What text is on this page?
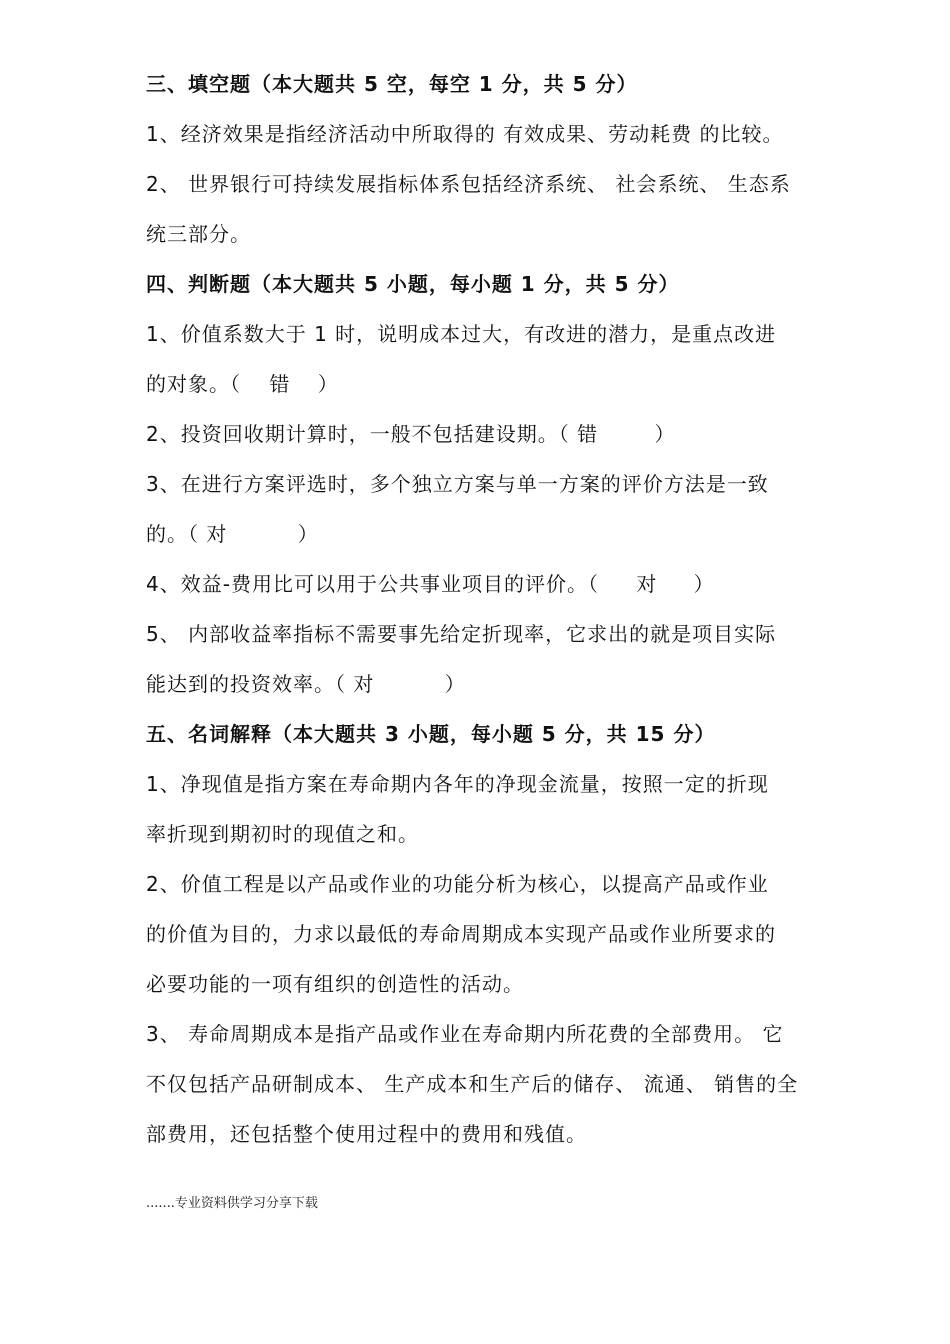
三、填空题（本大题共 5 空，每空 1 分，共 5 分）
1、经济效果是指经济活动中所取得的 有效成果、劳动耗费 的比较。
2、 世界银行可持续发展指标体系包括经济系统、 社会系统、 生态系
统三部分。
四、判断题（本大题共 5 小题，每小题 1 分，共 5 分）
1、价值系数大于 1 时，说明成本过大，有改进的潜力，是重点改进
的对象。（ 错 ）
2、投资回收期计算时，一般不包括建设期。（ 错	）
3、在进行方案评选时，多个独立方案与单一方案的评价方法是一致
的。（ 对	）
4、效益-费用比可以用于公共事业项目的评价。（ 对 ）
5、 内部收益率指标不需要事先给定折现率，它求出的就是项目实际
能达到的投资效率。（ 对	）
五、名词解释（本大题共 3 小题，每小题 5 分，共 15 分）
1、净现值是指方案在寿命期内各年的净现金流量，按照一定的折现
率折现到期初时的现值之和。
2、价值工程是以产品或作业的功能分析为核心，以提高产品或作业
的价值为目的，力求以最低的寿命周期成本实现产品或作业所要求的
必要功能的一项有组织的创造性的活动。
3、 寿命周期成本是指产品或作业在寿命期内所花费的全部费用。 它
不仅包括产品研制成本、 生产成本和生产后的储存、 流通、 销售的全
部费用，还包括整个使用过程中的费用和残值。
.......专业资料供学习分享下载
